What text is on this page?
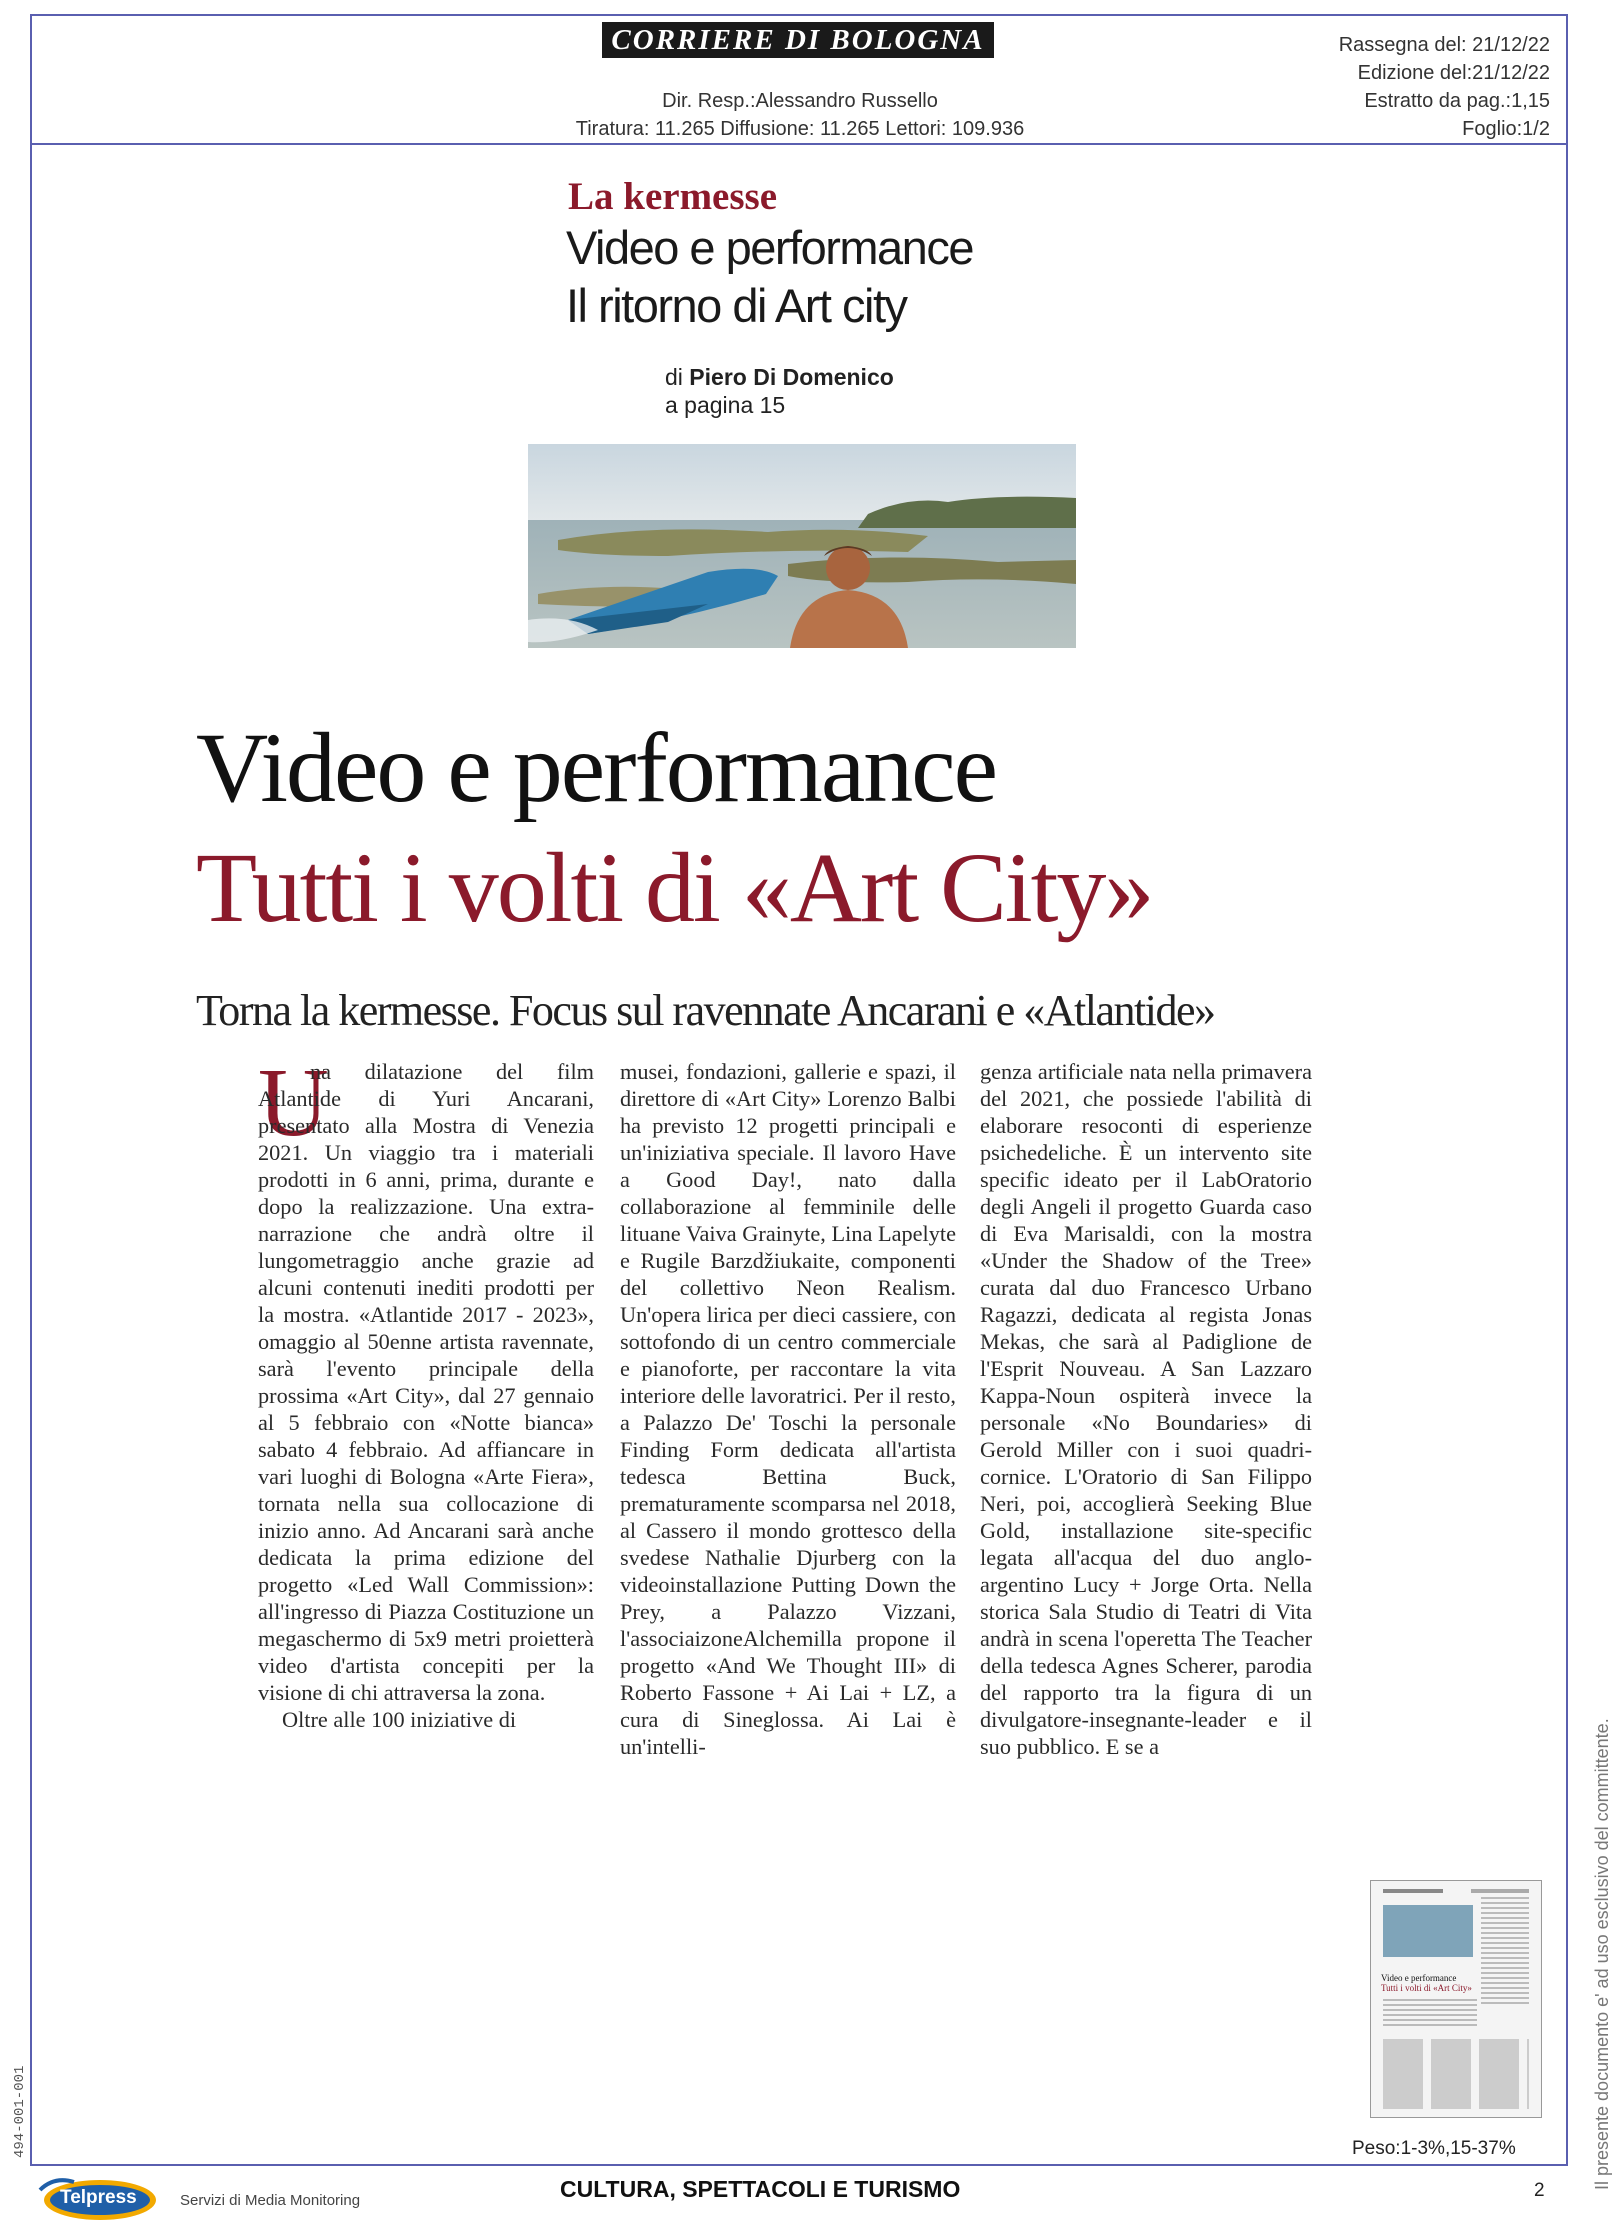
CORRIERE DI BOLOGNA
Dir. Resp.:Alessandro Russello
Tiratura: 11.265 Diffusione: 11.265 Lettori: 109.936
Rassegna del: 21/12/22
Edizione del:21/12/22
Estratto da pag.:1,15
Foglio:1/2
La kermesse
Video e performance
Il ritorno di Art city
di Piero Di Domenico
a pagina 15
Video e performance
Tutti i volti di «Art City»
Torna la kermesse. Focus sul ravennate Ancarani e «Atlantide»
U

na dilatazione del film Atlantide di Yuri Ancarani, presentato alla Mostra di Venezia 2021. Un viaggio tra i materiali prodotti in 6 anni, prima, durante e dopo la realizzazione. Una extra-narrazione che andrà oltre il lungometraggio anche grazie ad alcuni contenuti inediti prodotti per la mostra. «Atlantide 2017 - 2023», omaggio al 50enne artista ravennate, sarà l'evento principale della prossima «Art City», dal 27 gennaio al 5 febbraio con «Notte bianca» sabato 4 febbraio. Ad affiancare in vari luoghi di Bologna «Arte Fiera», tornata nella sua collocazione di inizio anno. Ad Ancarani sarà anche dedicata la prima edizione del progetto «Led Wall Commission»: all'ingresso di Piazza Costituzione un megaschermo di 5x9 metri proietterà video d'artista concepiti per la visione di chi attraversa la zona.

Oltre alle 100 iniziative di

musei, fondazioni, gallerie e spazi, il direttore di «Art City» Lorenzo Balbi ha previsto 12 progetti principali e un'iniziativa speciale. Il lavoro Have a Good Day!, nato dalla collaborazione al femminile delle lituane Vaiva Grainyte, Lina Lapelyte e Rugile Barzdžiukaite, componenti del collettivo Neon Realism. Un'opera lirica per dieci cassiere, con sottofondo di un centro commerciale e pianoforte, per raccontare la vita interiore delle lavoratrici. Per il resto, a Palazzo De' Toschi la personale Finding Form dedicata all'artista tedesca Bettina Buck, prematuramente scomparsa nel 2018, al Cassero il mondo grottesco della svedese Nathalie Djurberg con la videoinstallazione Putting Down the Prey, a Palazzo Vizzani, l'associaizoneAlchemilla propone il progetto «And We Thought III» di Roberto Fassone + Ai Lai + LZ, a cura di Sineglossa. Ai Lai è un'intelli-

genza artificiale nata nella primavera del 2021, che possiede l'abilità di elaborare resoconti di esperienze psichedeliche. È un intervento site specific ideato per il LabOratorio degli Angeli il progetto Guarda caso di Eva Marisaldi, con la mostra «Under the Shadow of the Tree» curata dal duo Francesco Urbano Ragazzi, dedicata al regista Jonas Mekas, che sarà al Padiglione de l'Esprit Nouveau. A San Lazzaro Kappa-Noun ospiterà invece la personale «No Boundaries» di Gerold Miller con i suoi quadri-cornice. L'Oratorio di San Filippo Neri, poi, accoglierà Seeking Blue Gold, installazione site-specific legata all'acqua del duo anglo-argentino Lucy + Jorge Orta. Nella storica Sala Studio di Teatri di Vita andrà in scena l'operetta The Teacher della tedesca Agnes Scherer, parodia del rapporto tra la figura di un divulgatore-insegnante-leader e il suo pubblico. E se a

Video e performance
Tutti i volti di «Art City»
Peso:1-3%,15-37%	Il presente documento e' ad uso esclusivo del committente.
494-001-001
Telpress	Servizi di Media Monitoring	CULTURA, SPETTACOLI E TURISMO	2
